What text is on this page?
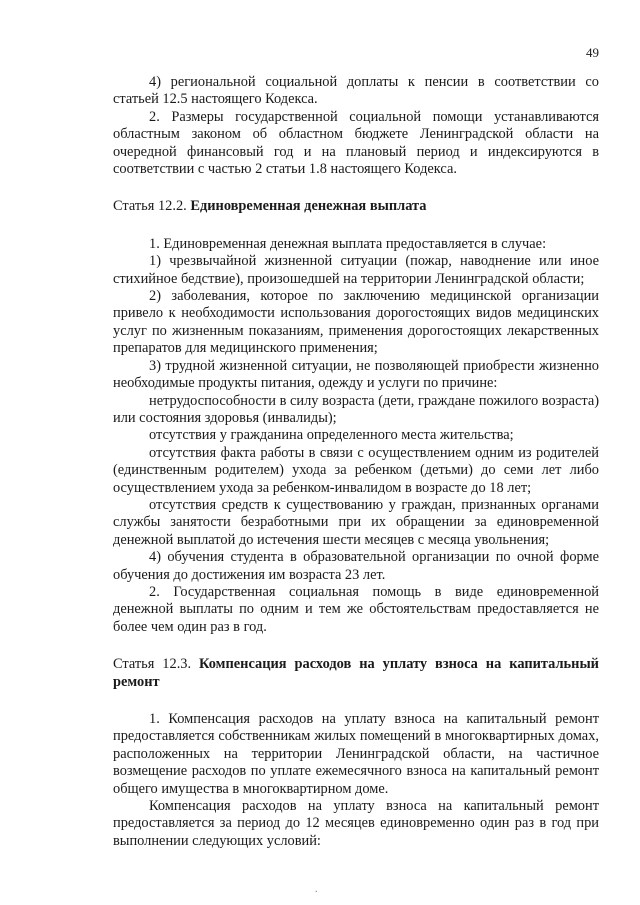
49

4) региональной социальной доплаты к пенсии в соответствии со статьей 12.5 настоящего Кодекса.

2. Размеры государственной социальной помощи устанавливаются областным законом об областном бюджете Ленинградской области на очередной финансовый год и на плановый период и индексируются в соответствии с частью 2 статьи 1.8 настоящего Кодекса.

Статья 12.2. Единовременная денежная выплата

1. Единовременная денежная выплата предоставляется в случае:

1) чрезвычайной жизненной ситуации (пожар, наводнение или иное стихийное бедствие), произошедшей на территории Ленинградской области;

2) заболевания, которое по заключению медицинской организации привело к необходимости использования дорогостоящих видов медицинских услуг по жизненным показаниям, применения дорогостоящих лекарственных препаратов для медицинского применения;

3) трудной жизненной ситуации, не позволяющей приобрести жизненно необходимые продукты питания, одежду и услуги по причине:

нетрудоспособности в силу возраста (дети, граждане пожилого возраста) или состояния здоровья (инвалиды);

отсутствия у гражданина определенного места жительства;

отсутствия факта работы в связи с осуществлением одним из родителей (единственным родителем) ухода за ребенком (детьми) до семи лет либо осуществлением ухода за ребенком-инвалидом в возрасте до 18 лет;

отсутствия средств к существованию у граждан, признанных органами службы занятости безработными при их обращении за единовременной денежной выплатой до истечения шести месяцев с месяца увольнения;

4) обучения студента в образовательной организации по очной форме обучения до достижения им возраста 23 лет.

2. Государственная социальная помощь в виде единовременной денежной выплаты по одним и тем же обстоятельствам предоставляется не более чем один раз в год.

Статья 12.3. Компенсация расходов на уплату взноса на капитальный ремонт

1. Компенсация расходов на уплату взноса на капитальный ремонт предоставляется собственникам жилых помещений в многоквартирных домах, расположенных на территории Ленинградской области, на частичное возмещение расходов по уплате ежемесячного взноса на капитальный ремонт общего имущества в многоквартирном доме.

Компенсация расходов на уплату взноса на капитальный ремонт предоставляется за период до 12 месяцев единовременно один раз в год при выполнении следующих условий:

.
